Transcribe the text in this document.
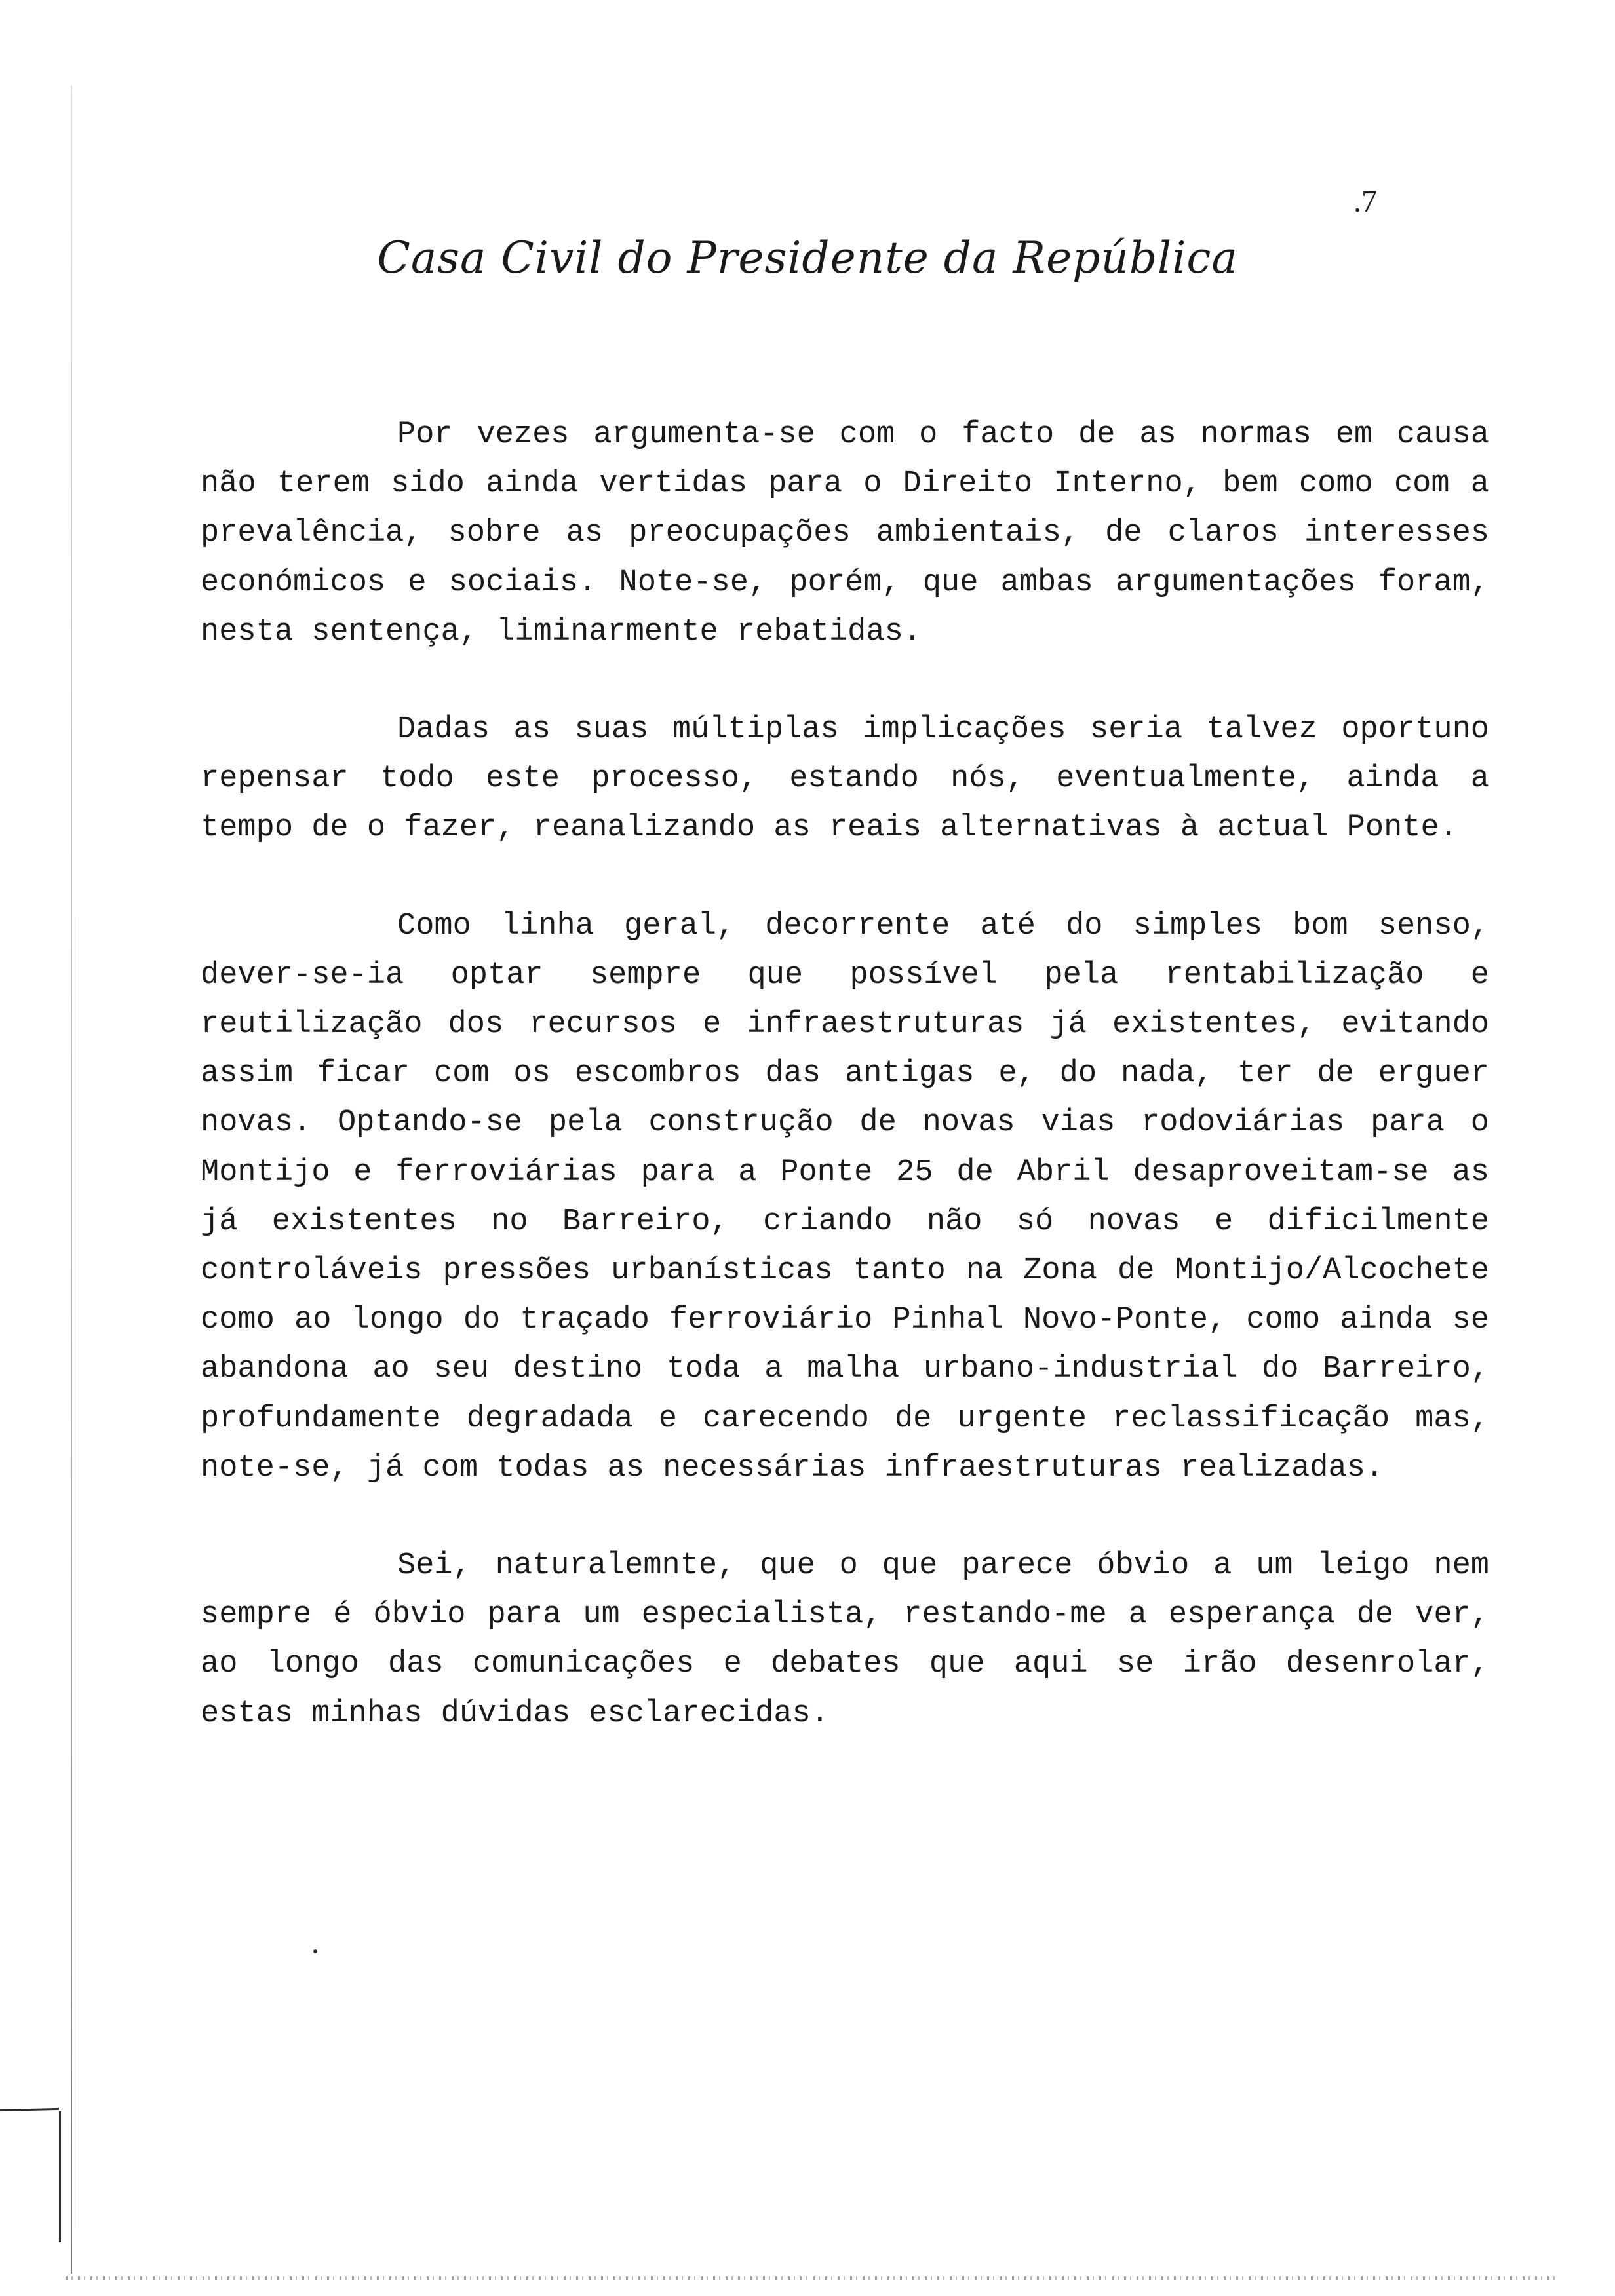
.7
Casa Civil do Presidente da República

Por vezes argumenta-se com o facto de as normas em causa não terem sido ainda vertidas para o Direito Interno, bem como com a prevalência, sobre as preocupações ambientais, de claros interesses económicos e sociais. Note-se, porém, que ambas argumentações foram, nesta sentença, liminarmente rebatidas.

Dadas as suas múltiplas implicações seria talvez oportuno repensar todo este processo, estando nós, eventualmente, ainda a tempo de o fazer, reanalizando as reais alternativas à actual Ponte.

Como linha geral, decorrente até do simples bom senso, dever-se-ia optar sempre que possível pela rentabilização e reutilização dos recursos e infraestruturas já existentes, evitando assim ficar com os escombros das antigas e, do nada, ter de erguer novas. Optando-se pela construção de novas vias rodoviárias para o Montijo e ferroviárias para a Ponte 25 de Abril desaproveitam-se as já existentes no Barreiro, criando não só novas e dificilmente controláveis pressões urbanísticas tanto na Zona de Montijo/Alcochete como ao longo do traçado ferroviário Pinhal Novo-Ponte, como ainda se abandona ao seu destino toda a malha urbano-industrial do Barreiro, profundamente degradada e carecendo de urgente reclassificação mas, note-se, já com todas as necessárias infraestruturas realizadas.

Sei, naturalemnte, que o que parece óbvio a um leigo nem sempre é óbvio para um especialista, restando-me a esperança de ver, ao longo das comunicações e debates que aqui se irão desenrolar, estas minhas dúvidas esclarecidas.
